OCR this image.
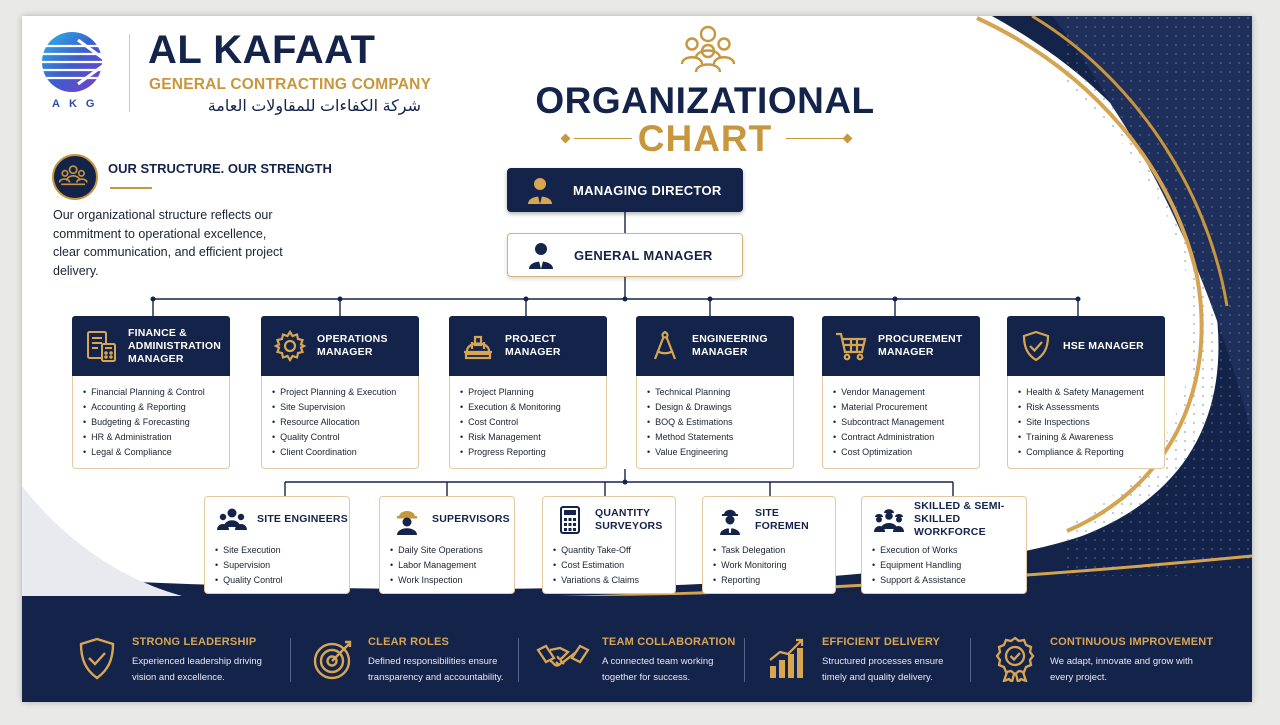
AKG
AL KAFAAT
GENERAL CONTRACTING COMPANY
شركة الكفاءات للمقاولات العامة	ORGANIZATIONAL
CHART
OUR STRUCTURE. OUR STRENGTH
Our organizational structure reflects our commitment to operational excellence, clear communication, and efficient project delivery.
MANAGING DIRECTOR
GENERAL MANAGER
FINANCE & ADMINISTRATION MANAGER
• Financial Planning & Control
• Accounting & Reporting
• Budgeting & Forecasting
• HR & Administration
• Legal & Compliance
OPERATIONS MANAGER
• Project Planning & Execution
• Site Supervision
• Resource Allocation
• Quality Control
• Client Coordination
PROJECT MANAGER
• Project Planning
• Execution & Monitoring
• Cost Control
• Risk Management
• Progress Reporting
ENGINEERING MANAGER
• Technical Planning
• Design & Drawings
• BOQ & Estimations
• Method Statements
• Value Engineering
PROCUREMENT MANAGER
• Vendor Management
• Material Procurement
• Subcontract Management
• Contract Administration
• Cost Optimization
HSE MANAGER
• Health & Safety Management
• Risk Assessments
• Site Inspections
• Training & Awareness
• Compliance & Reporting
SITE ENGINEERS
• Site Execution
• Supervision
• Quality Control
SUPERVISORS
• Daily Site Operations
• Labor Management
• Work Inspection
QUANTITY SURVEYORS
• Quantity Take-Off
• Cost Estimation
• Variations & Claims
SITE FOREMEN
• Task Delegation
• Work Monitoring
• Reporting
SKILLED & SEMI-SKILLED WORKFORCE
• Execution of Works
• Equipment Handling
• Support & Assistance
STRONG LEADERSHIP
Experienced leadership driving vision and excellence.
CLEAR ROLES
Defined responsibilities ensure transparency and accountability.
TEAM COLLABORATION
A connected team working together for success.
EFFICIENT DELIVERY
Structured processes ensure timely and quality delivery.
CONTINUOUS IMPROVEMENT
We adapt, innovate and grow with every project.
